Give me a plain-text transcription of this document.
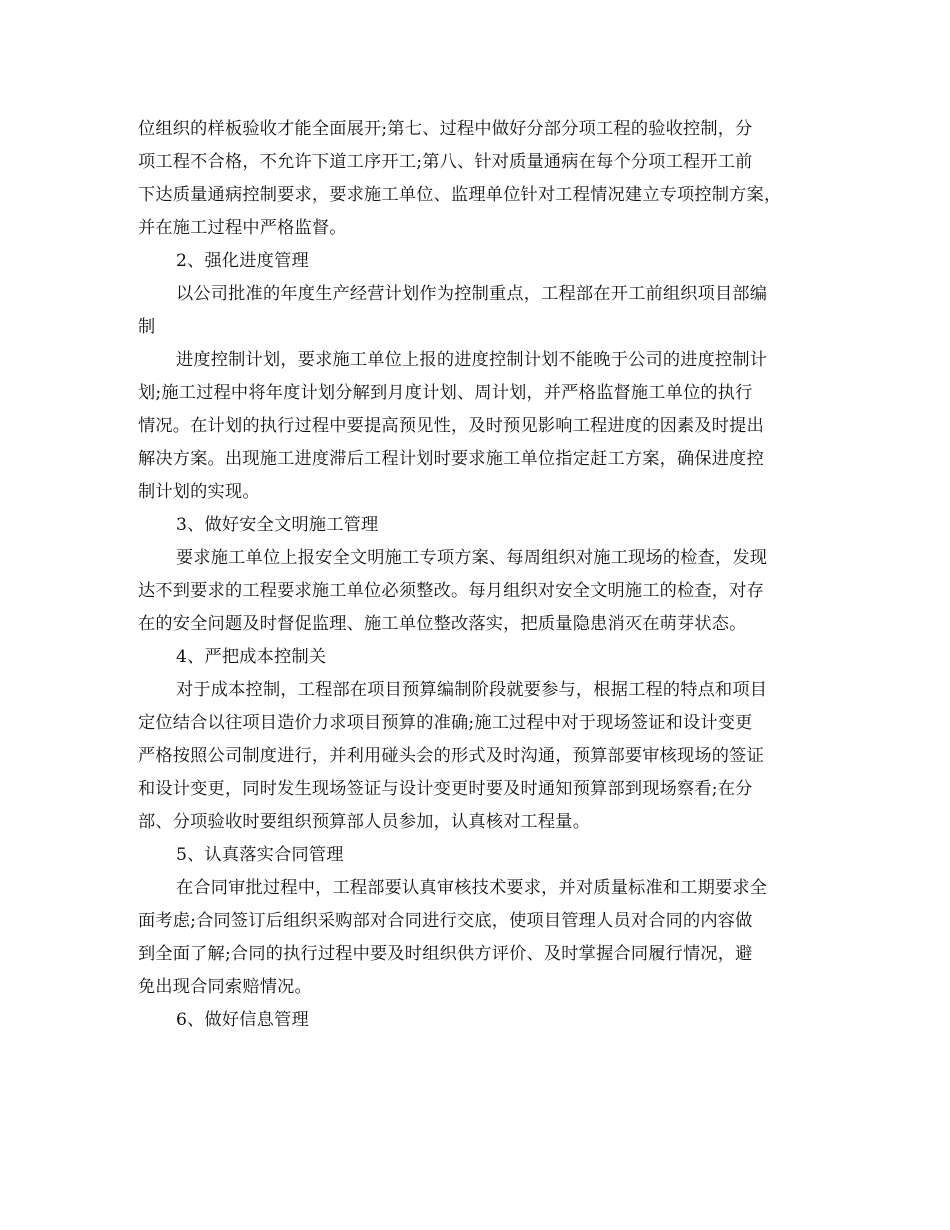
位组织的样板验收才能全面展开;第七、过程中做好分部分项工程的验收控制，分
项工程不合格，不允许下道工序开工;第八、针对质量通病在每个分项工程开工前
下达质量通病控制要求，要求施工单位、监理单位针对工程情况建立专项控制方案，
并在施工过程中严格监督。
2、强化进度管理
以公司批准的年度生产经营计划作为控制重点，工程部在开工前组织项目部编
制
进度控制计划，要求施工单位上报的进度控制计划不能晚于公司的进度控制计
划;施工过程中将年度计划分解到月度计划、周计划，并严格监督施工单位的执行
情况。在计划的执行过程中要提高预见性，及时预见影响工程进度的因素及时提出
解决方案。出现施工进度滞后工程计划时要求施工单位指定赶工方案，确保进度控
制计划的实现。
3、做好安全文明施工管理
要求施工单位上报安全文明施工专项方案、每周组织对施工现场的检查，发现
达不到要求的工程要求施工单位必须整改。每月组织对安全文明施工的检查，对存
在的安全问题及时督促监理、施工单位整改落实，把质量隐患消灭在萌芽状态。
4、严把成本控制关
对于成本控制，工程部在项目预算编制阶段就要参与，根据工程的特点和项目
定位结合以往项目造价力求项目预算的准确;施工过程中对于现场签证和设计变更
严格按照公司制度进行，并利用碰头会的形式及时沟通，预算部要审核现场的签证
和设计变更，同时发生现场签证与设计变更时要及时通知预算部到现场察看;在分
部、分项验收时要组织预算部人员参加，认真核对工程量。
5、认真落实合同管理
在合同审批过程中，工程部要认真审核技术要求，并对质量标准和工期要求全
面考虑;合同签订后组织采购部对合同进行交底，使项目管理人员对合同的内容做
到全面了解;合同的执行过程中要及时组织供方评价、及时掌握合同履行情况，避
免出现合同索赔情况。
6、做好信息管理
